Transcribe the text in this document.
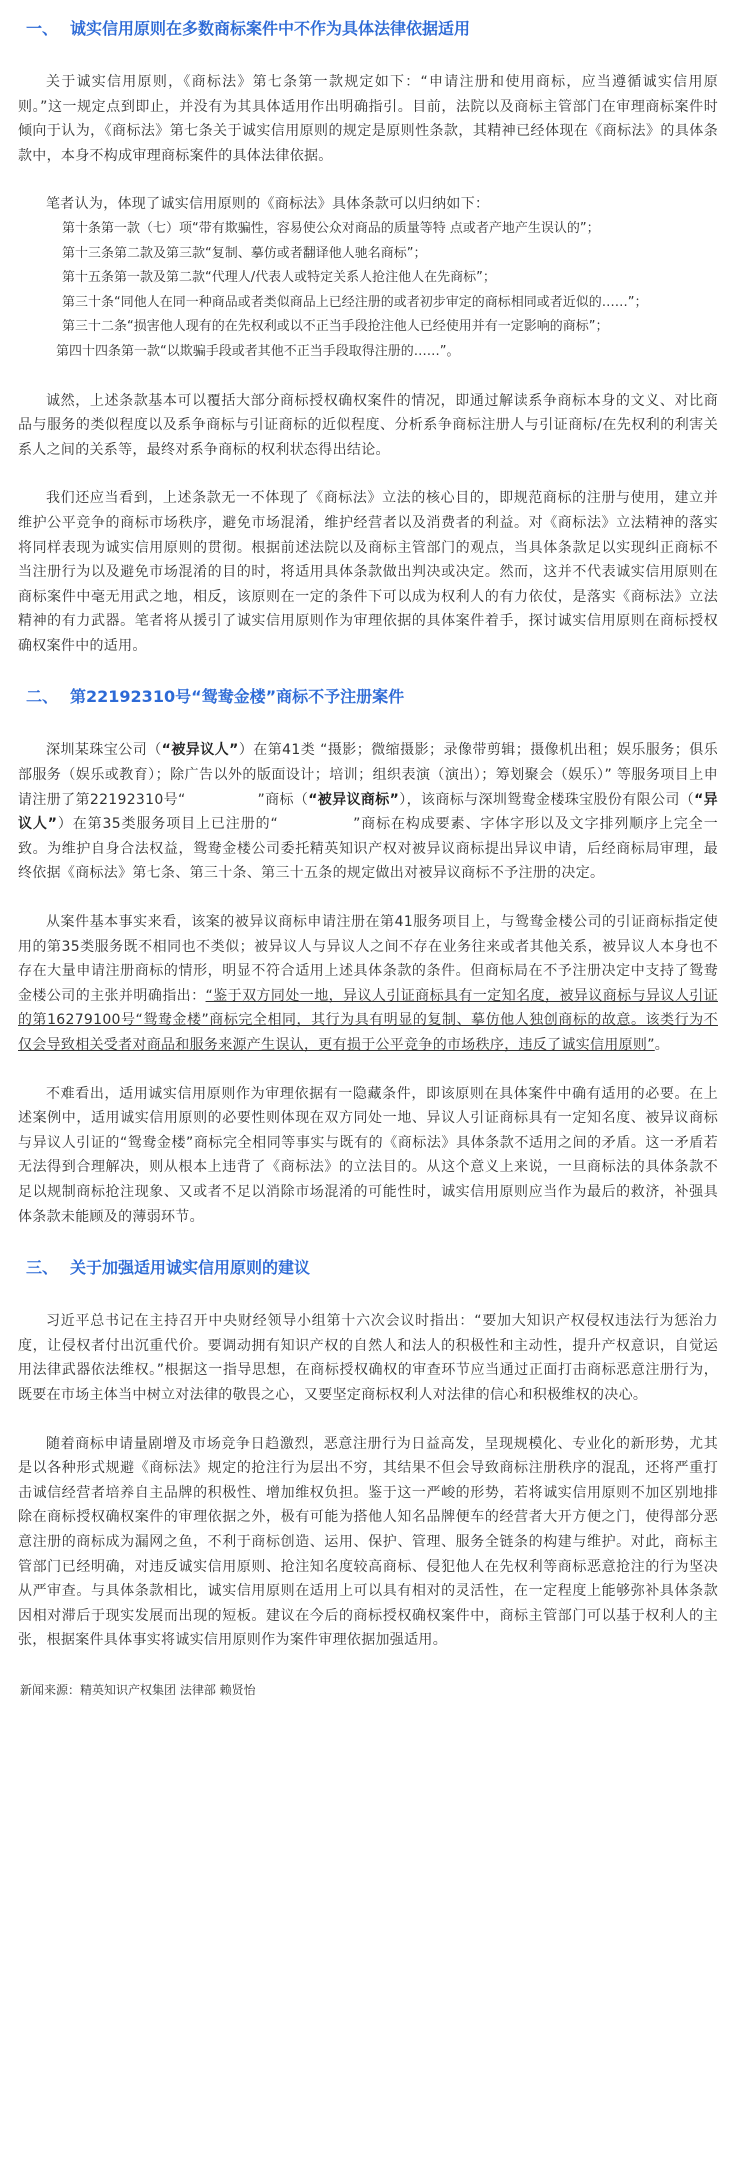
一、 诚实信用原则在多数商标案件中不作为具体法律依据适用

关于诚实信用原则，《商标法》第七条第一款规定如下：“申请注册和使用商标，应当遵循诚实信用原则。”这一规定点到即止，并没有为其具体适用作出明确指引。目前，法院以及商标主管部门在审理商标案件时倾向于认为，《商标法》第七条关于诚实信用原则的规定是原则性条款，其精神已经体现在《商标法》的具体条款中，本身不构成审理商标案件的具体法律依据。

笔者认为，体现了诚实信用原则的《商标法》具体条款可以归纳如下：

第十条第一款（七）项“带有欺骗性，容易使公众对商品的质量等特 点或者产地产生误认的”；
第十三条第二款及第三款“复制、摹仿或者翻译他人驰名商标”；
第十五条第一款及第二款“代理人/代表人或特定关系人抢注他人在先商标”；
第三十条“同他人在同一种商品或者类似商品上已经注册的或者初步审定的商标相同或者近似的……”；
第三十二条“损害他人现有的在先权利或以不正当手段抢注他人已经使用并有一定影响的商标”；
第四十四条第一款“以欺骗手段或者其他不正当手段取得注册的……”。

诚然，上述条款基本可以覆括大部分商标授权确权案件的情况，即通过解读系争商标本身的文义、对比商品与服务的类似程度以及系争商标与引证商标的近似程度、分析系争商标注册人与引证商标/在先权利的利害关系人之间的关系等，最终对系争商标的权利状态得出结论。

我们还应当看到，上述条款无一不体现了《商标法》立法的核心目的，即规范商标的注册与使用，建立并维护公平竞争的商标市场秩序，避免市场混淆，维护经营者以及消费者的利益。对《商标法》立法精神的落实将同样表现为诚实信用原则的贯彻。根据前述法院以及商标主管部门的观点，当具体条款足以实现纠正商标不当注册行为以及避免市场混淆的目的时，将适用具体条款做出判决或决定。然而，这并不代表诚实信用原则在商标案件中毫无用武之地，相反，该原则在一定的条件下可以成为权利人的有力依仗，是落实《商标法》立法精神的有力武器。笔者将从援引了诚实信用原则作为审理依据的具体案件着手，探讨诚实信用原则在商标授权确权案件中的适用。

二、 第22192310号“鸳鸯金楼”商标不予注册案件

深圳某珠宝公司（“被异议人”）在第41类 “摄影；微缩摄影；录像带剪辑；摄像机出租；娱乐服务；俱乐部服务（娱乐或教育）；除广告以外的版面设计；培训；组织表演（演出）；筹划聚会（娱乐）” 等服务项目上申请注册了第22192310号“　　　　　”商标（“被异议商标”），该商标与深圳鸳鸯金楼珠宝股份有限公司（“异议人”）在第35类服务项目上已注册的“　　　　　”商标在构成要素、字体字形以及文字排列顺序上完全一致。为维护自身合法权益，鸳鸯金楼公司委托精英知识产权对被异议商标提出异议申请，后经商标局审理，最终依据《商标法》第七条、第三十条、第三十五条的规定做出对被异议商标不予注册的决定。

从案件基本事实来看，该案的被异议商标申请注册在第41服务项目上，与鸳鸯金楼公司的引证商标指定使用的第35类服务既不相同也不类似；被异议人与异议人之间不存在业务往来或者其他关系，被异议人本身也不存在大量申请注册商标的情形，明显不符合适用上述具体条款的条件。但商标局在不予注册决定中支持了鸳鸯金楼公司的主张并明确指出：“鉴于双方同处一地，异议人引证商标具有一定知名度，被异议商标与异议人引证的第16279100号“鸳鸯金楼”商标完全相同，其行为具有明显的复制、摹仿他人独创商标的故意。该类行为不仅会导致相关受者对商品和服务来源产生误认，更有损于公平竞争的市场秩序，违反了诚实信用原则”。

不难看出，适用诚实信用原则作为审理依据有一隐藏条件，即该原则在具体案件中确有适用的必要。在上述案例中，适用诚实信用原则的必要性则体现在双方同处一地、异议人引证商标具有一定知名度、被异议商标与异议人引证的“鸳鸯金楼”商标完全相同等事实与既有的《商标法》具体条款不适用之间的矛盾。这一矛盾若无法得到合理解决，则从根本上违背了《商标法》的立法目的。从这个意义上来说，一旦商标法的具体条款不足以规制商标抢注现象、又或者不足以消除市场混淆的可能性时，诚实信用原则应当作为最后的救济，补强具体条款未能顾及的薄弱环节。

三、 关于加强适用诚实信用原则的建议

习近平总书记在主持召开中央财经领导小组第十六次会议时指出：“要加大知识产权侵权违法行为惩治力度，让侵权者付出沉重代价。要调动拥有知识产权的自然人和法人的积极性和主动性，提升产权意识，自觉运用法律武器依法维权。”根据这一指导思想，在商标授权确权的审查环节应当通过正面打击商标恶意注册行为，既要在市场主体当中树立对法律的敬畏之心，又要坚定商标权利人对法律的信心和积极维权的决心。

随着商标申请量剧增及市场竞争日趋激烈，恶意注册行为日益高发，呈现规模化、专业化的新形势，尤其是以各种形式规避《商标法》规定的抢注行为层出不穷，其结果不但会导致商标注册秩序的混乱，还将严重打击诚信经营者培养自主品牌的积极性、增加维权负担。鉴于这一严峻的形势，若将诚实信用原则不加区别地排除在商标授权确权案件的审理依据之外，极有可能为搭他人知名品牌便车的经营者大开方便之门，使得部分恶意注册的商标成为漏网之鱼，不利于商标创造、运用、保护、管理、服务全链条的构建与维护。对此，商标主管部门已经明确，对违反诚实信用原则、抢注知名度较高商标、侵犯他人在先权利等商标恶意抢注的行为坚决从严审查。与具体条款相比，诚实信用原则在适用上可以具有相对的灵活性，在一定程度上能够弥补具体条款因相对滞后于现实发展而出现的短板。建议在今后的商标授权确权案件中，商标主管部门可以基于权利人的主张，根据案件具体事实将诚实信用原则作为案件审理依据加强适用。

新闻来源：精英知识产权集团 法律部 赖贤怡
